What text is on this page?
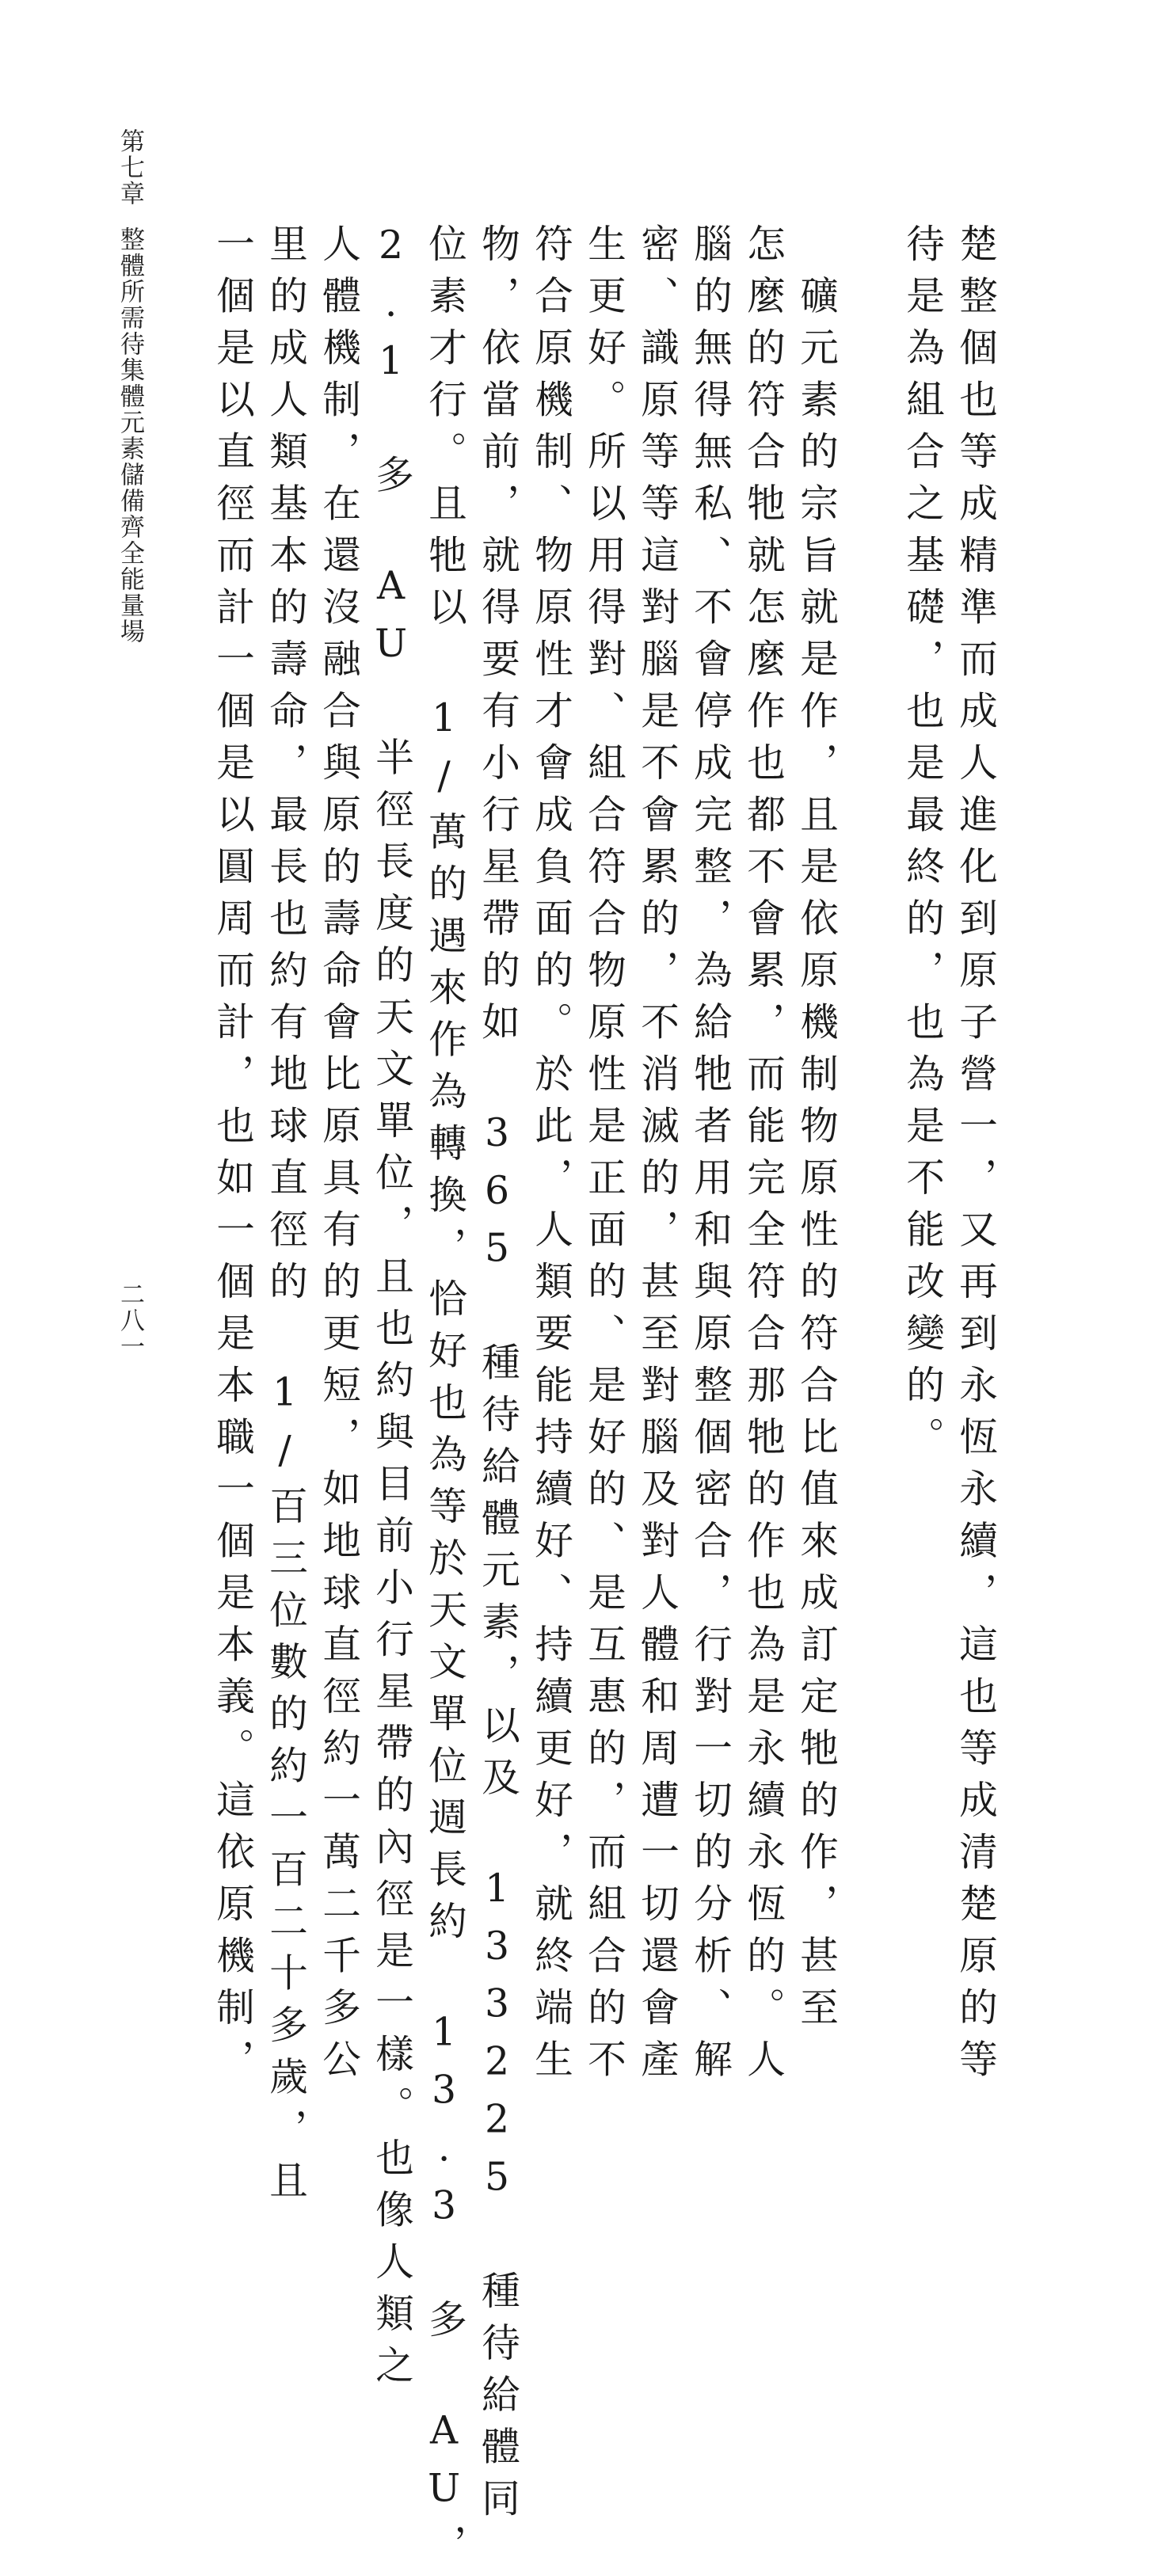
第七章
整體所需待集體元素儲備齊全能量場
二八一	楚整個也等成精準而成人進化到原子營一，又再到永恆永續，這也等成清楚原的等
待是為組合之基礎，也是最終的，也為是不能改變的。
　礦元素的宗旨就是作，且是依原機制物原性的符合比值來成訂定牠的作，甚至
怎麼的符合牠就怎麼作也都不會累，而能完全符合那牠的作也為是永續永恆的。人
腦的無得無私、不會停成完整，為給牠者用和與原整個密合，行對一切的分析、解
密、識原等等這對腦是不會累的，不消滅的，甚至對腦及對人體和周遭一切還會產
生更好。所以用得對、組合符合物原性是正面的、是好的、是互惠的，而組合的不
符合原機制、物原性才會成負面的。於此，人類要能持續好、持續更好，就終端生
物，依當前，就得要有小行星帶的如 365 種待給體元素，以及 133225 種待給體同
位素才行。且牠以 1/萬的遇來作為轉換，恰好也為等於天文單位週長約 13.3 多 AU，
2.1 多 AU 半徑長度的天文單位，且也約與目前小行星帶的內徑是一樣。也像人類之
人體機制，在還沒融合與原的壽命會比原具有的更短，如地球直徑約一萬二千多公
里的成人類基本的壽命，最長也約有地球直徑的 1/百三位數的約一百二十多歲，且
一個是以直徑而計一個是以圓周而計，也如一個是本職一個是本義。這依原機制，
